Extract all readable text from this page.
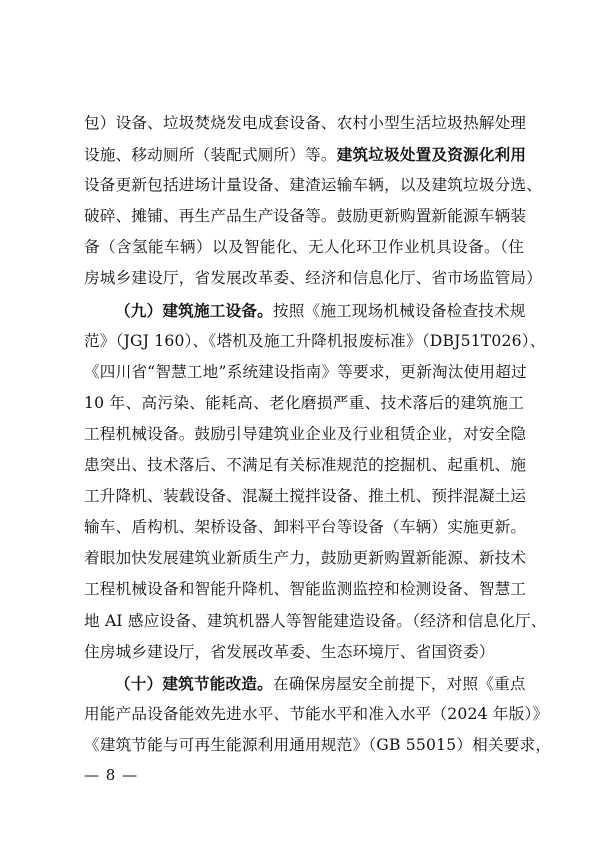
包）设备、垃圾焚烧发电成套设备、农村小型生活垃圾热解处理
设施、移动厕所（装配式厕所）等。建筑垃圾处置及资源化利用
设备更新包括进场计量设备、建渣运输车辆，以及建筑垃圾分选、
破碎、摊铺、再生产品生产设备等。鼓励更新购置新能源车辆装
备（含氢能车辆）以及智能化、无人化环卫作业机具设备。（住
房城乡建设厅，省发展改革委、经济和信息化厅、省市场监管局）
（九）建筑施工设备。按照《施工现场机械设备检查技术规
范》（JGJ 160）、《塔机及施工升降机报废标准》（DBJ51T026）、
《四川省“智慧工地”系统建设指南》等要求，更新淘汰使用超过
10 年、高污染、能耗高、老化磨损严重、技术落后的建筑施工
工程机械设备。鼓励引导建筑业企业及行业租赁企业，对安全隐
患突出、技术落后、不满足有关标准规范的挖掘机、起重机、施
工升降机、装载设备、混凝土搅拌设备、推土机、预拌混凝土运
输车、盾构机、架桥设备、卸料平台等设备（车辆）实施更新。
着眼加快发展建筑业新质生产力，鼓励更新购置新能源、新技术
工程机械设备和智能升降机、智能监测监控和检测设备、智慧工
地 AI 感应设备、建筑机器人等智能建造设备。（经济和信息化厅、
住房城乡建设厅，省发展改革委、生态环境厅、省国资委）
（十）建筑节能改造。在确保房屋安全前提下，对照《重点
用能产品设备能效先进水平、节能水平和准入水平（2024 年版）》
《建筑节能与可再生能源利用通用规范》（GB 55015）相关要求，
— 8 —
